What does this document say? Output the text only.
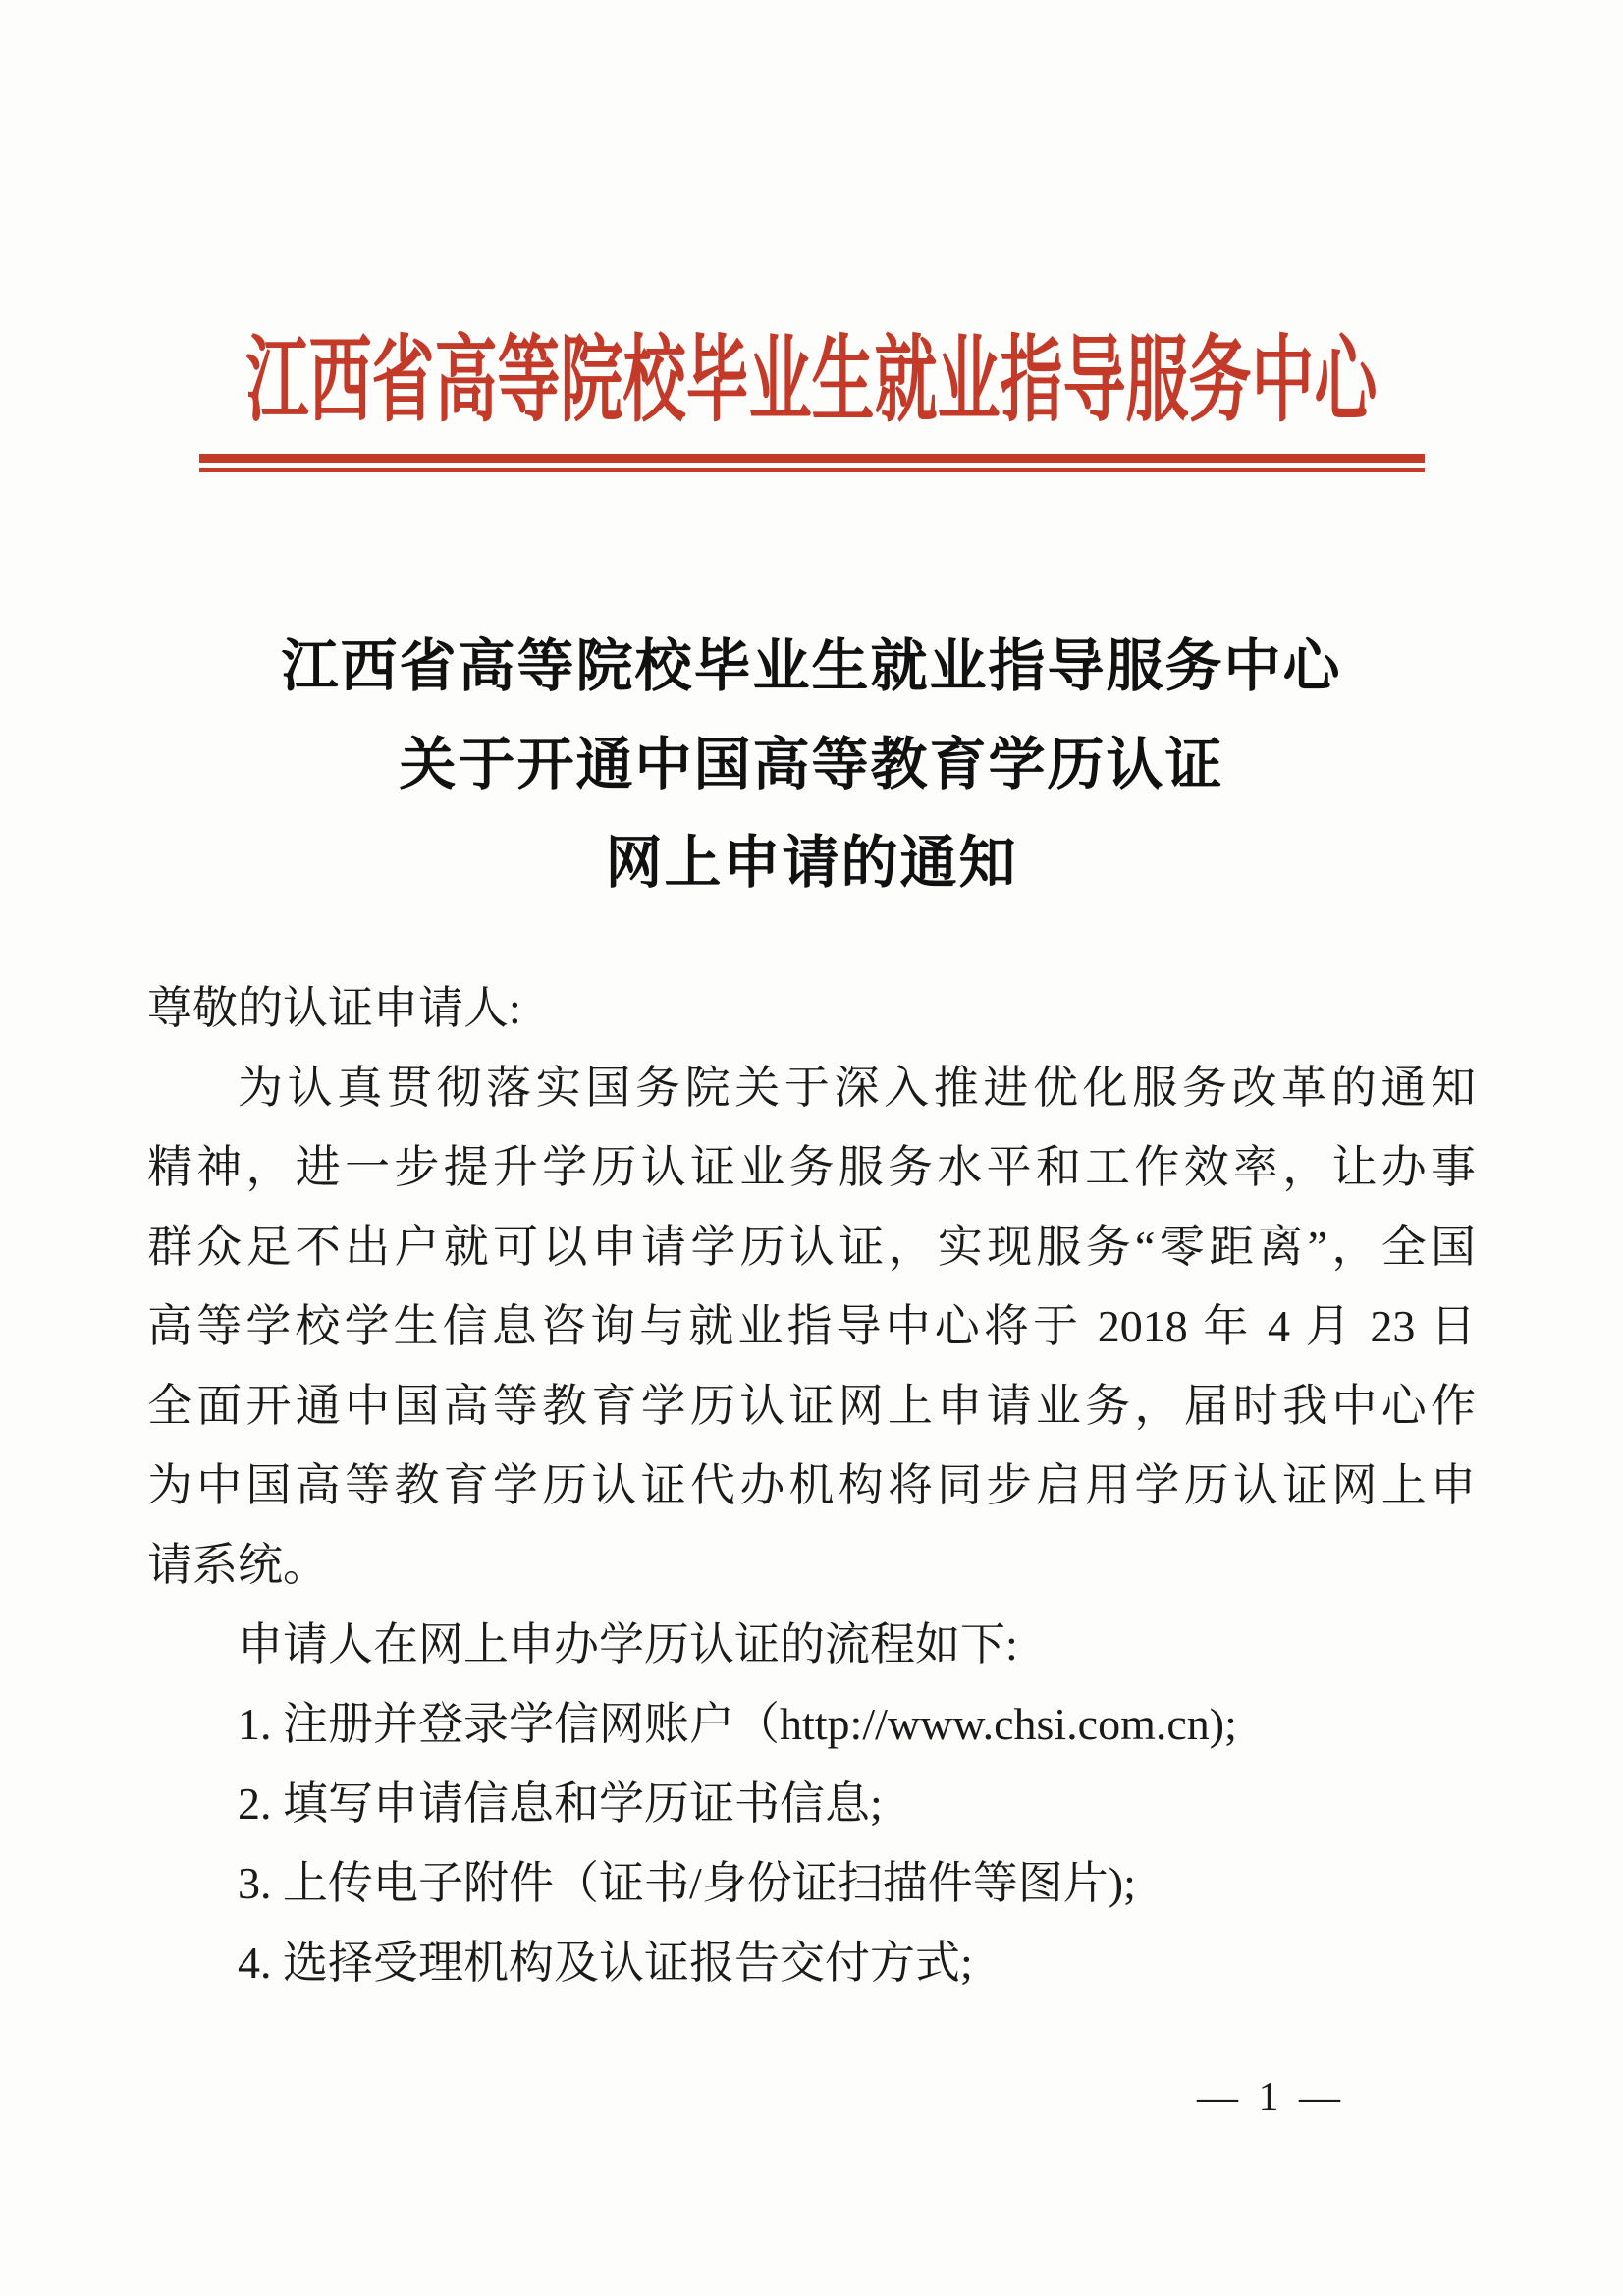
江西省高等院校毕业生就业指导服务中心
江西省高等院校毕业生就业指导服务中心
关于开通中国高等教育学历认证
网上申请的通知
尊敬的认证申请人:
为认真贯彻落实国务院关于深入推进优化服务改革的通知
精神，进一步提升学历认证业务服务水平和工作效率，让办事
群众足不出户就可以申请学历认证，实现服务“零距离”，全国
高等学校学生信息咨询与就业指导中心将于 2018 年 4 月 23 日
全面开通中国高等教育学历认证网上申请业务，届时我中心作
为中国高等教育学历认证代办机构将同步启用学历认证网上申
请系统。
申请人在网上申办学历认证的流程如下:
1. 注册并登录学信网账户（http://www.chsi.com.cn);
2. 填写申请信息和学历证书信息;
3. 上传电子附件（证书/身份证扫描件等图片);
4. 选择受理机构及认证报告交付方式;
— 1 —
